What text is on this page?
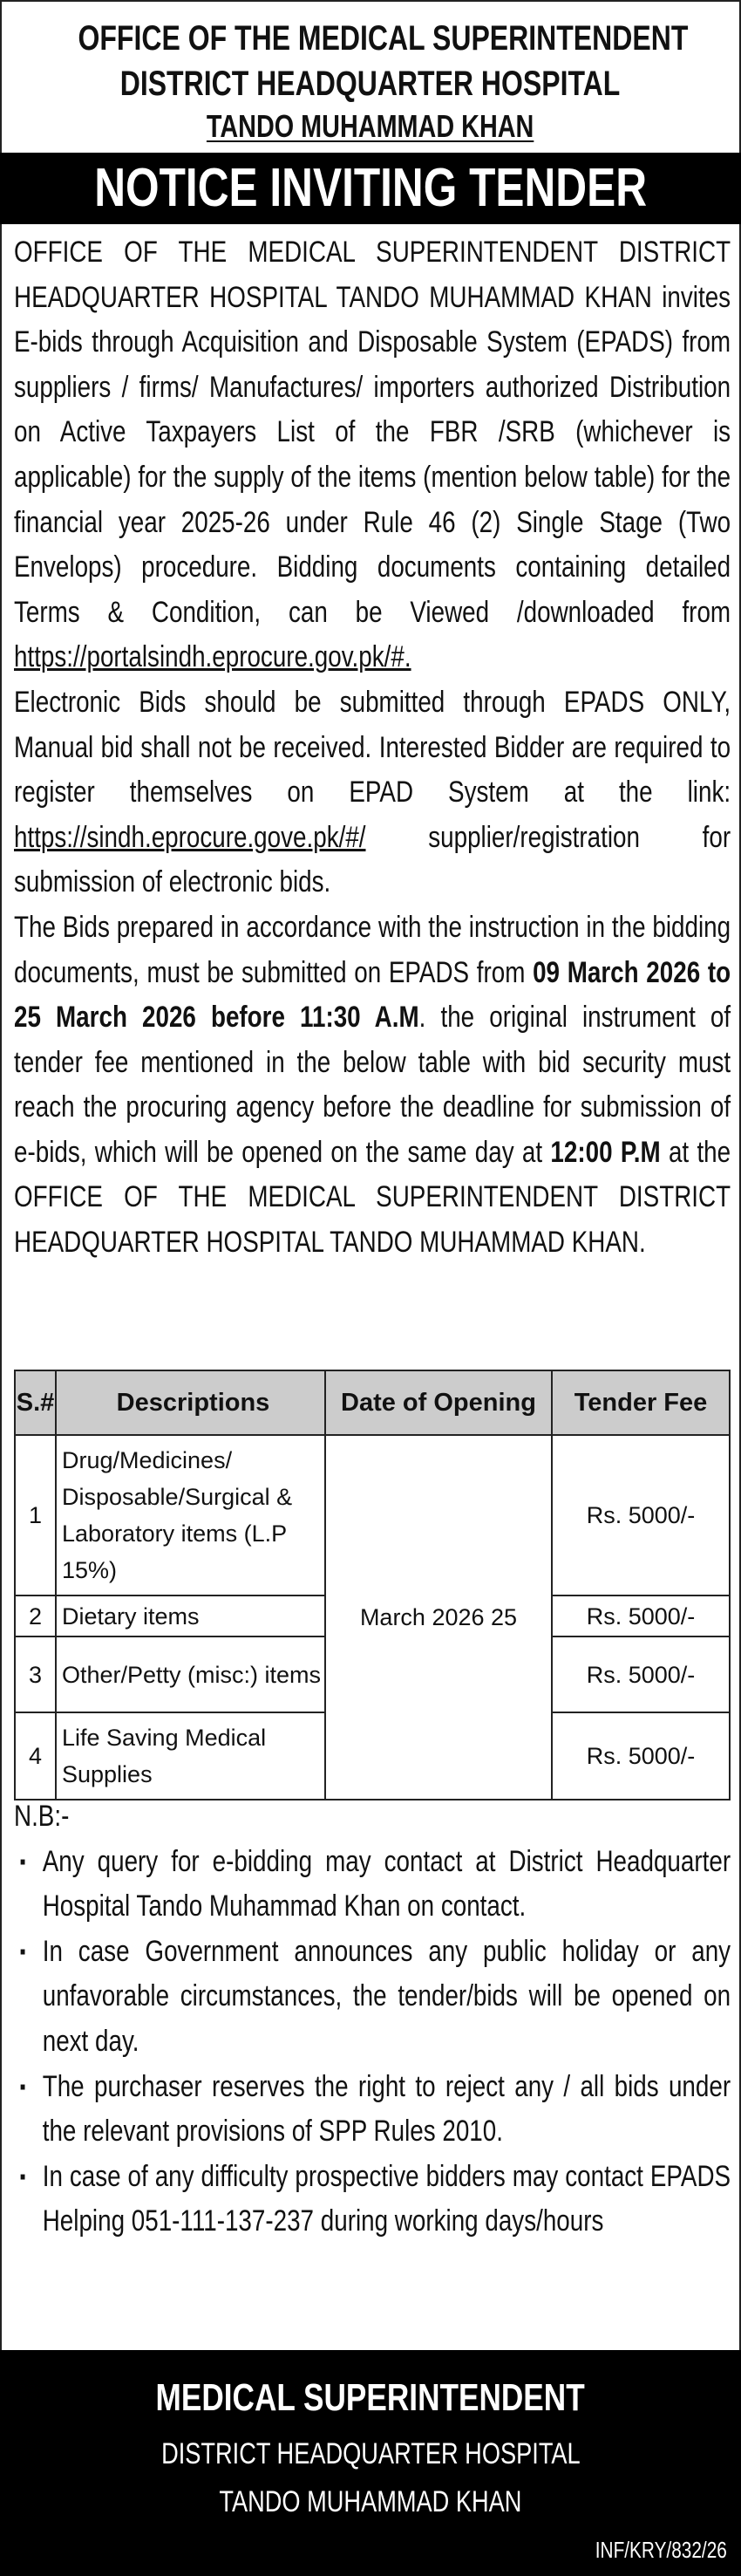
OFFICE OF THE MEDICAL SUPERINTENDENT
DISTRICT HEADQUARTER HOSPITAL
TANDO MUHAMMAD KHAN
NOTICE INVITING TENDER

OFFICE OF THE MEDICAL SUPERINTENDENT DISTRICT HEADQUARTER HOSPITAL TANDO MUHAMMAD KHAN invites E-bids through Acquisition and Disposable System (EPADS) from suppliers / firms/ Manufactures/ importers authorized Distribution on Active Taxpayers List of the FBR /SRB (whichever is applicable) for the supply of the items (mention below table) for the financial year 2025-26 under Rule 46 (2) Single Stage (Two Envelops) procedure. Bidding documents containing detailed Terms & Condition, can be Viewed /downloaded from https://portalsindh.eprocure.gov.pk/#.

Electronic Bids should be submitted through EPADS ONLY, Manual bid shall not be received. Interested Bidder are required to register themselves on EPAD System at the link: https://sindh.eprocure.gove.pk/#/ supplier/registration for submission of electronic bids.

The Bids prepared in accordance with the instruction in the bidding documents, must be submitted on EPADS from 09 March 2026 to 25 March 2026 before 11:30 A.M. the original instrument of tender fee mentioned in the below table with bid security must reach the procuring agency before the deadline for submission of e-bids, which will be opened on the same day at 12:00 P.M at the OFFICE OF THE MEDICAL SUPERINTENDENT DISTRICT HEADQUARTER HOSPITAL TANDO MUHAMMAD KHAN.

S.#	Descriptions	Date of Opening	Tender Fee
1	Drug/Medicines/ Disposable/Surgical & Laboratory items (L.P 15%)	March 2026 25	Rs. 5000/-
2	Dietary items		Rs. 5000/-
3	Other/Petty (misc:) items		Rs. 5000/-
4	Life Saving Medical Supplies		Rs. 5000/-
N.B:-
▪ Any query for e-bidding may contact at District Headquarter Hospital Tando Muhammad Khan on contact.
▪ In case Government announces any public holiday or any unfavorable circumstances, the tender/bids will be opened on next day.
▪ The purchaser reserves the right to reject any / all bids under the relevant provisions of SPP Rules 2010.
▪ In case of any difficulty prospective bidders may contact EPADS Helping 051-111-137-237 during working days/hours
MEDICAL SUPERINTENDENT
DISTRICT HEADQUARTER HOSPITAL
TANDO MUHAMMAD KHAN
INF/KRY/832/26
